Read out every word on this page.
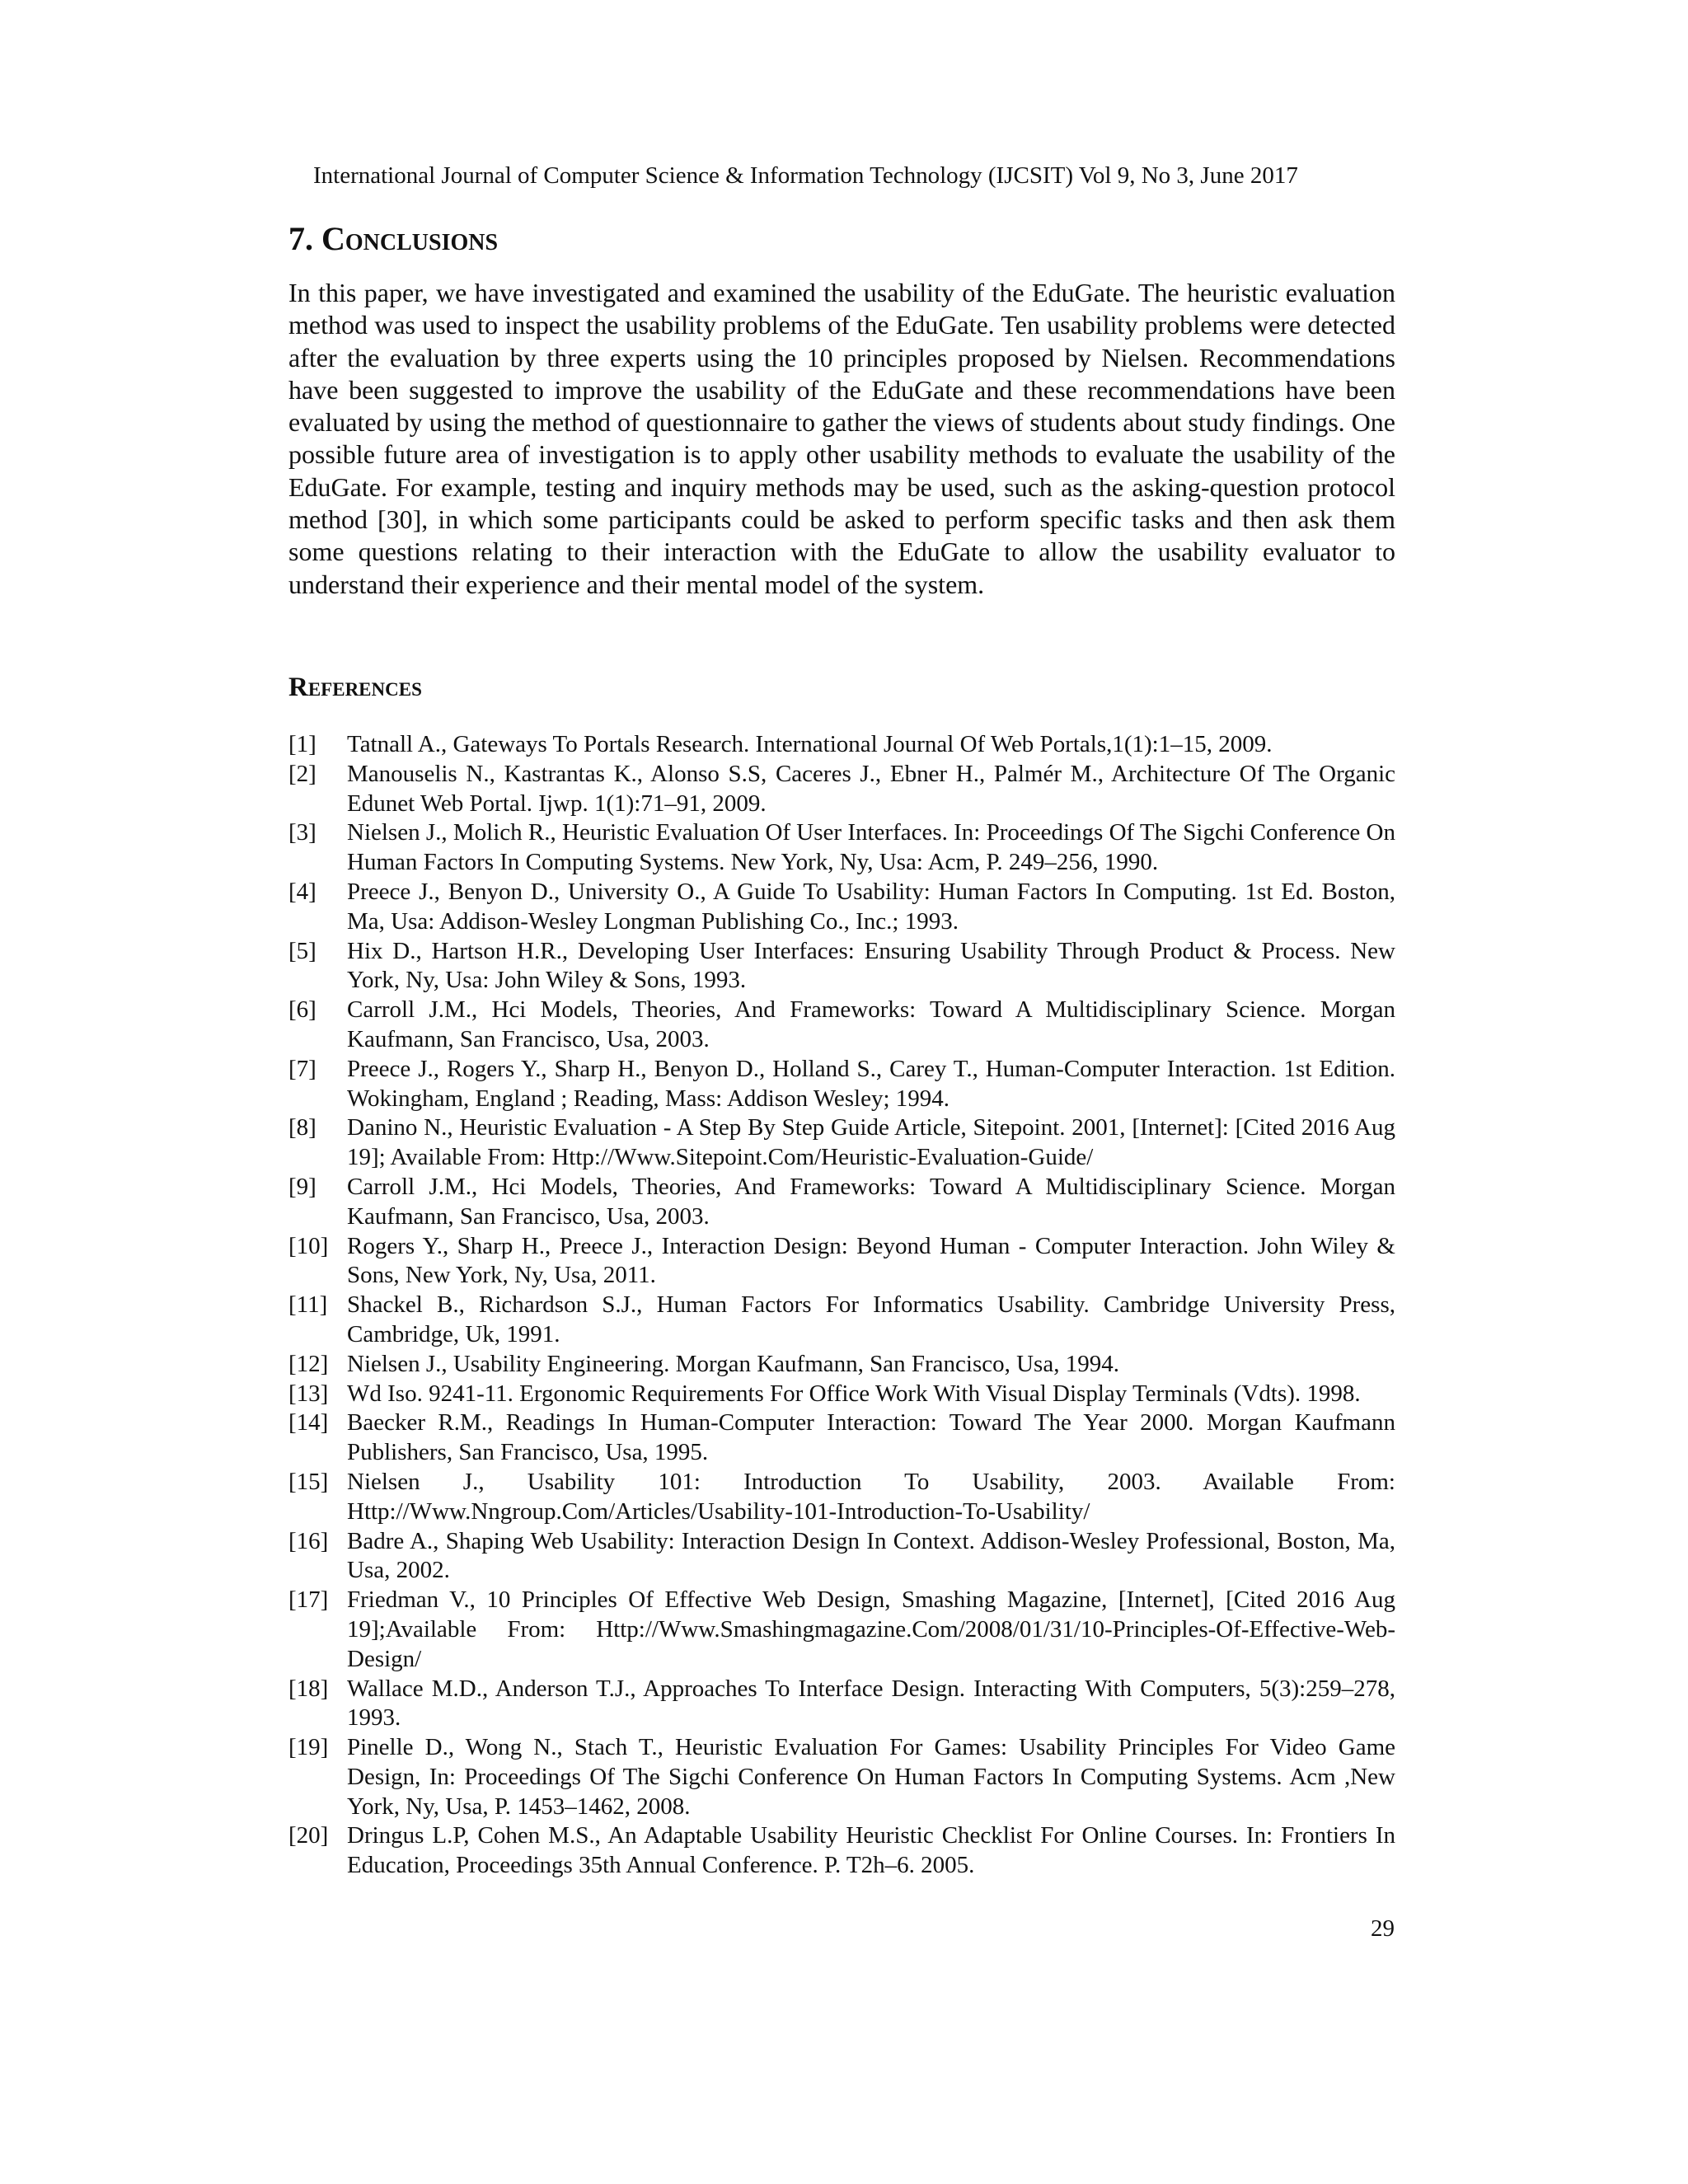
International Journal of Computer Science & Information Technology (IJCSIT) Vol 9, No 3, June 2017
7. Conclusions

In this paper, we have investigated and examined the usability of the EduGate. The heuristic evaluation method was used to inspect the usability problems of the EduGate. Ten usability problems were detected after the evaluation by three experts using the 10 principles proposed by Nielsen. Recommendations have been suggested to improve the usability of the EduGate and these recommendations have been evaluated by using the method of questionnaire to gather the views of students about study findings. One possible future area of investigation is to apply other usability methods to evaluate the usability of the EduGate. For example, testing and inquiry methods may be used, such as the asking-question protocol method [30], in which some participants could be asked to perform specific tasks and then ask them some questions relating to their interaction with the EduGate to allow the usability evaluator to understand their experience and their mental model of the system.

References
[1]	Tatnall A., Gateways To Portals Research. International Journal Of Web Portals,1(1):1–15, 2009.
[2]	Manouselis N., Kastrantas K., Alonso S.S, Caceres J., Ebner H., Palmér M., Architecture Of The Organic Edunet Web Portal. Ijwp. 1(1):71–91, 2009.
[3]	Nielsen J., Molich R., Heuristic Evaluation Of User Interfaces. In: Proceedings Of The Sigchi Conference On Human Factors In Computing Systems. New York, Ny, Usa: Acm, P. 249–256, 1990.
[4]	Preece J., Benyon D., University O., A Guide To Usability: Human Factors In Computing. 1st Ed. Boston, Ma, Usa: Addison-Wesley Longman Publishing Co., Inc.; 1993.
[5]	Hix D., Hartson H.R., Developing User Interfaces: Ensuring Usability Through Product & Process. New York, Ny, Usa: John Wiley & Sons, 1993.
[6]	Carroll J.M., Hci Models, Theories, And Frameworks: Toward A Multidisciplinary Science. Morgan Kaufmann, San Francisco, Usa, 2003.
[7]	Preece J., Rogers Y., Sharp H., Benyon D., Holland S., Carey T., Human-Computer Interaction. 1st Edition. Wokingham, England ; Reading, Mass: Addison Wesley; 1994.
[8]	Danino N., Heuristic Evaluation - A Step By Step Guide Article, Sitepoint. 2001, [Internet]: [Cited 2016 Aug 19]; Available From: Http://Www.Sitepoint.Com/Heuristic-Evaluation-Guide/
[9]	Carroll J.M., Hci Models, Theories, And Frameworks: Toward A Multidisciplinary Science. Morgan Kaufmann, San Francisco, Usa, 2003.
[10] Rogers Y., Sharp H., Preece J., Interaction Design: Beyond Human - Computer Interaction. John Wiley & Sons, New York, Ny, Usa, 2011.
[11] Shackel B., Richardson S.J., Human Factors For Informatics Usability. Cambridge University Press, Cambridge, Uk, 1991.
[12] Nielsen J., Usability Engineering. Morgan Kaufmann, San Francisco, Usa, 1994.
[13] Wd Iso. 9241-11. Ergonomic Requirements For Office Work With Visual Display Terminals (Vdts). 1998.
[14] Baecker R.M., Readings In Human-Computer Interaction: Toward The Year 2000. Morgan Kaufmann Publishers, San Francisco, Usa, 1995.
[15] Nielsen J., Usability 101: Introduction To Usability, 2003. Available From: Http://Www.Nngroup.Com/Articles/Usability-101-Introduction-To-Usability/
[16] Badre A., Shaping Web Usability: Interaction Design In Context. Addison-Wesley Professional, Boston, Ma, Usa, 2002.
[17] Friedman V., 10 Principles Of Effective Web Design, Smashing Magazine, [Internet], [Cited 2016 Aug 19];Available From: Http://Www.Smashingmagazine.Com/2008/01/31/10-Principles-Of-Effective-Web-Design/
[18] Wallace M.D., Anderson T.J., Approaches To Interface Design. Interacting With Computers, 5(3):259–278, 1993.
[19] Pinelle D., Wong N., Stach T., Heuristic Evaluation For Games: Usability Principles For Video Game Design, In: Proceedings Of The Sigchi Conference On Human Factors In Computing Systems. Acm ,New York, Ny, Usa, P. 1453–1462, 2008.
[20] Dringus L.P, Cohen M.S., An Adaptable Usability Heuristic Checklist For Online Courses. In: Frontiers In Education, Proceedings 35th Annual Conference. P. T2h–6. 2005.
29
